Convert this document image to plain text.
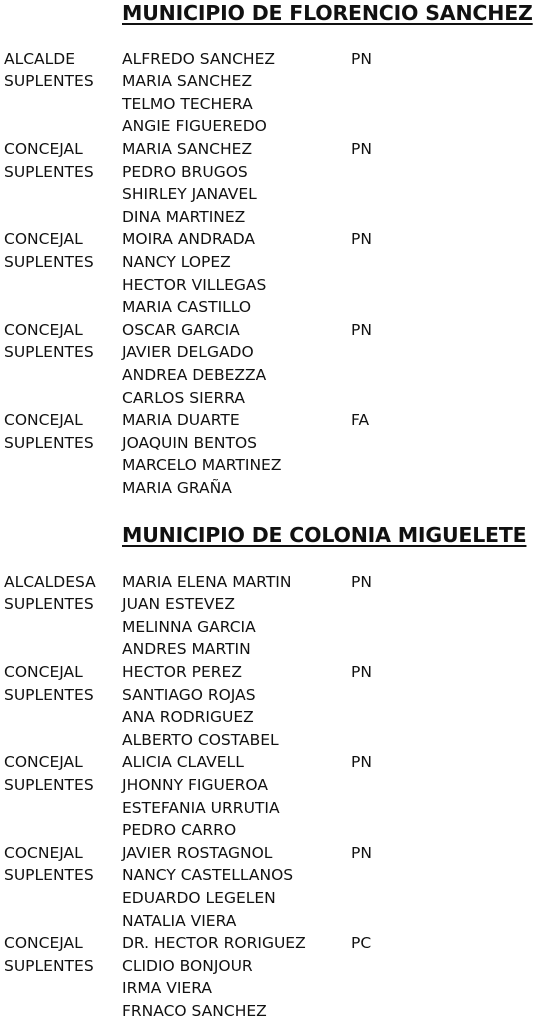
MUNICIPIO DE FLORENCIO SANCHEZ
ALCALDE	ALFREDO SANCHEZ	PN
SUPLENTES MARIA SANCHEZ
TELMO TECHERA
ANGIE FIGUEREDO
CONCEJAL	MARIA SANCHEZ	PN
SUPLENTES PEDRO BRUGOS
SHIRLEY JANAVEL
DINA MARTINEZ
CONCEJAL	MOIRA ANDRADA	PN
SUPLENTES NANCY LOPEZ
HECTOR VILLEGAS
MARIA CASTILLO
CONCEJAL	OSCAR GARCIA	PN
SUPLENTES JAVIER DELGADO
ANDREA DEBEZZA
CARLOS SIERRA
CONCEJAL	MARIA DUARTE	FA
SUPLENTES JOAQUIN BENTOS
MARCELO MARTINEZ
MARIA GRAÑA
MUNICIPIO DE COLONIA MIGUELETE
ALCALDESA MARIA ELENA MARTIN	PN
SUPLENTES JUAN ESTEVEZ
MELINNA GARCIA
ANDRES MARTIN
CONCEJAL	HECTOR PEREZ	PN
SUPLENTES SANTIAGO ROJAS
ANA RODRIGUEZ
ALBERTO COSTABEL
CONCEJAL	ALICIA CLAVELL	PN
SUPLENTES JHONNY FIGUEROA
ESTEFANIA URRUTIA
PEDRO CARRO
COCNEJAL	JAVIER ROSTAGNOL	PN
SUPLENTES NANCY CASTELLANOS
EDUARDO LEGELEN
NATALIA VIERA
CONCEJAL	DR. HECTOR RORIGUEZ	PC
SUPLENTES CLIDIO BONJOUR
IRMA VIERA
FRNACO SANCHEZ
